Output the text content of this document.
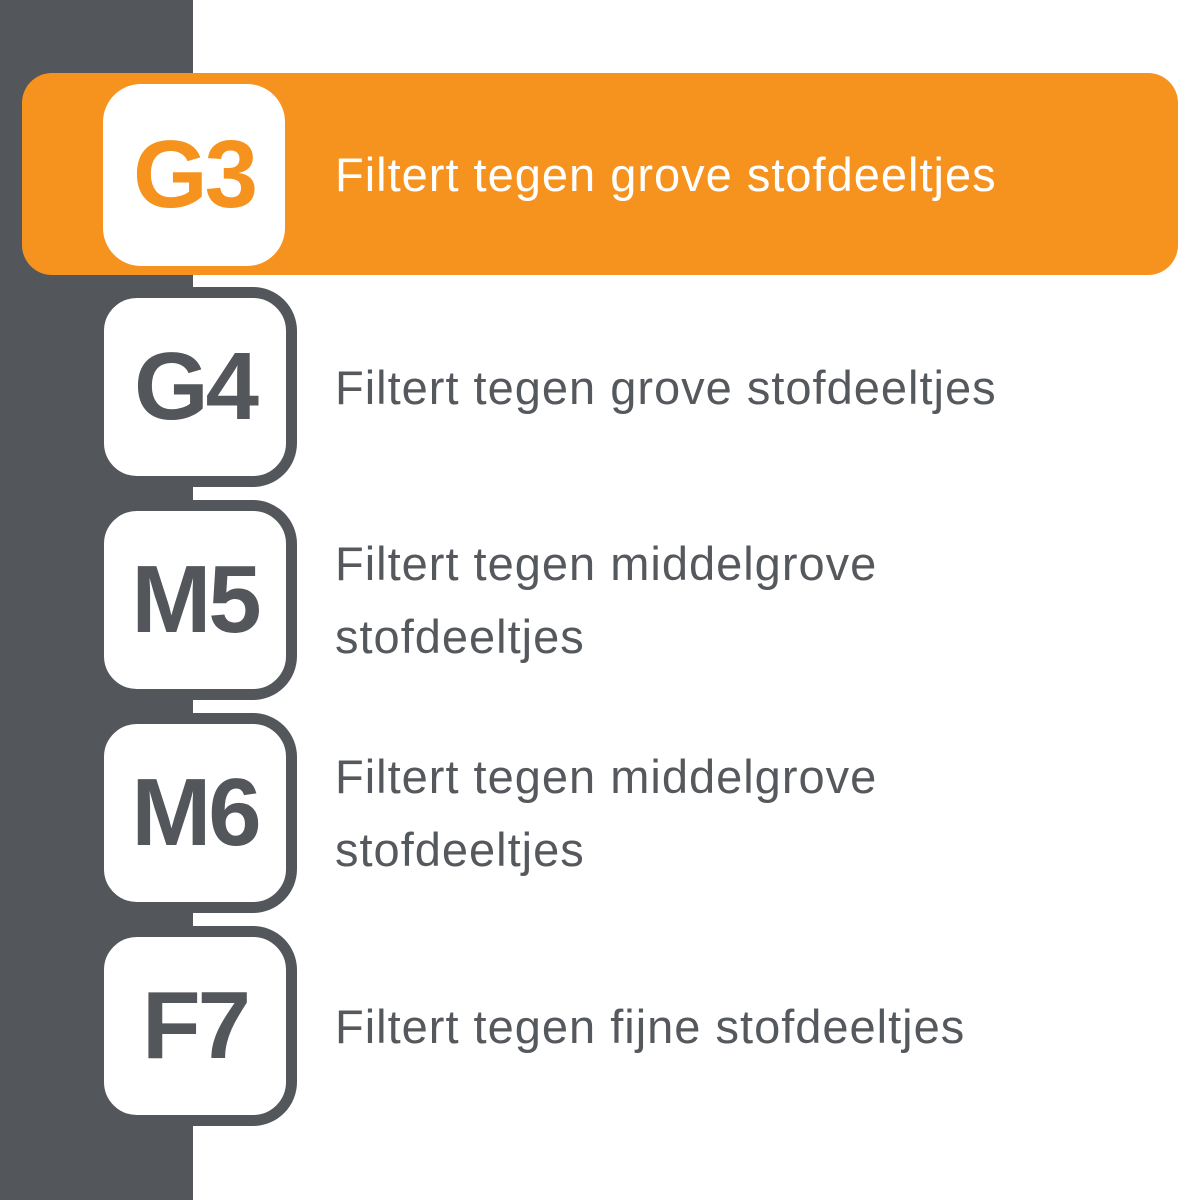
G3 Filtert tegen grove stofdeeltjes
G4 Filtert tegen grove stofdeeltjes
M5 Filtert tegen middelgrove
stofdeeltjes
M6 Filtert tegen middelgrove
stofdeeltjes
F7 Filtert tegen fijne stofdeeltjes
